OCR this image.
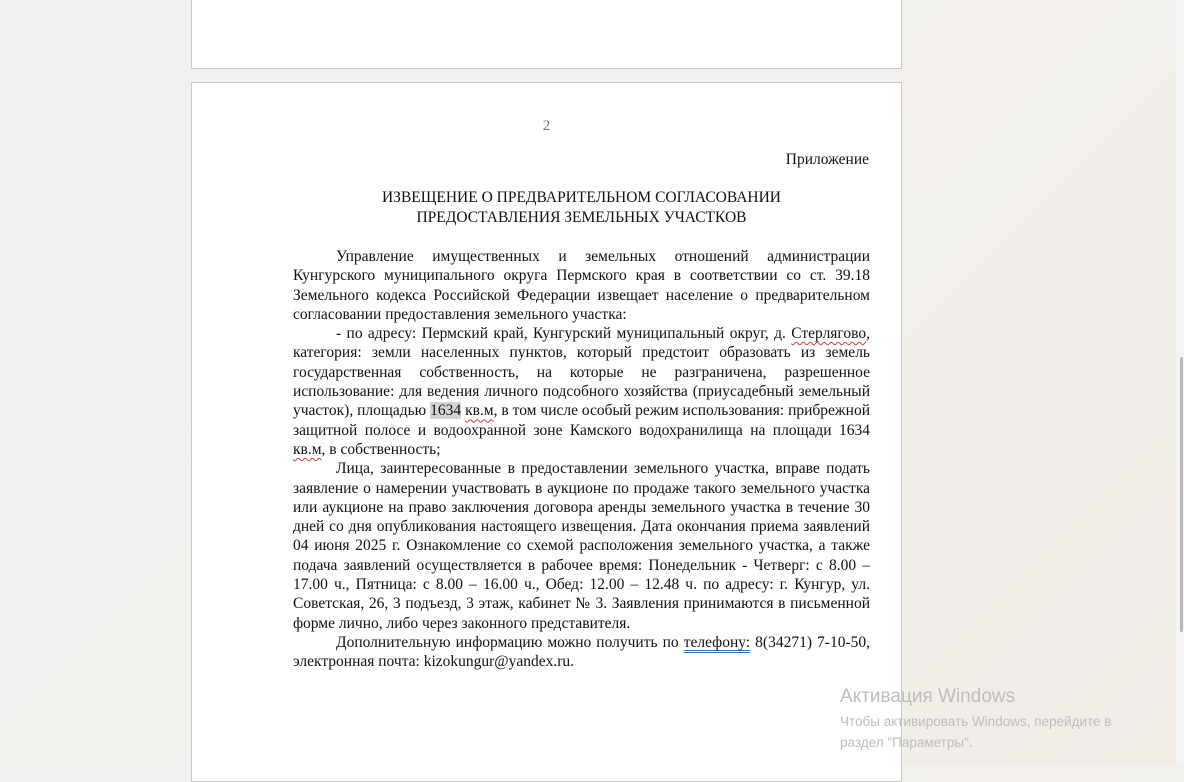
2
Приложение
ИЗВЕЩЕНИЕ О ПРЕДВАРИТЕЛЬНОМ СОГЛАСОВАНИИ
ПРЕДОСТАВЛЕНИЯ ЗЕМЕЛЬНЫХ УЧАСТКОВ

Управление имущественных и земельных отношений администрации Кунгурского муниципального округа Пермского края в соответствии со ст. 39.18 Земельного кодекса Российской Федерации извещает население о предварительном согласовании предоставления земельного участка:

- по адресу: Пермский край, Кунгурский муниципальный округ, д. Стерлягово, категория: земли населенных пунктов, который предстоит образовать из земель государственная собственность, на которые не разграничена, разрешенное использование: для ведения личного подсобного хозяйства (приусадебный земельный участок), площадью 1634 кв.м, в том числе особый режим использования: прибрежной защитной полосе и водоохранной зоне Камского водохранилища на площади 1634 кв.м, в собственность;

Лица, заинтересованные в предоставлении земельного участка, вправе подать заявление о намерении участвовать в аукционе по продаже такого земельного участка или аукционе на право заключения договора аренды земельного участка в течение 30 дней со дня опубликования настоящего извещения. Дата окончания приема заявлений 04 июня 2025 г. Ознакомление со схемой расположения земельного участка, а также подача заявлений осуществляется в рабочее время: Понедельник - Четверг: с 8.00 – 17.00 ч., Пятница: с 8.00 – 16.00 ч., Обед: 12.00 – 12.48 ч. по адресу: г. Кунгур, ул. Советская, 26, 3 подъезд, 3 этаж, кабинет № 3. Заявления принимаются в письменной форме лично, либо через законного представителя.

Дополнительную информацию можно получить по телефону: 8(34271) 7-10-50, электронная почта: kizokungur@yandex.ru.

Активация Windows
Чтобы активировать Windows, перейдите в
раздел "Параметры".
